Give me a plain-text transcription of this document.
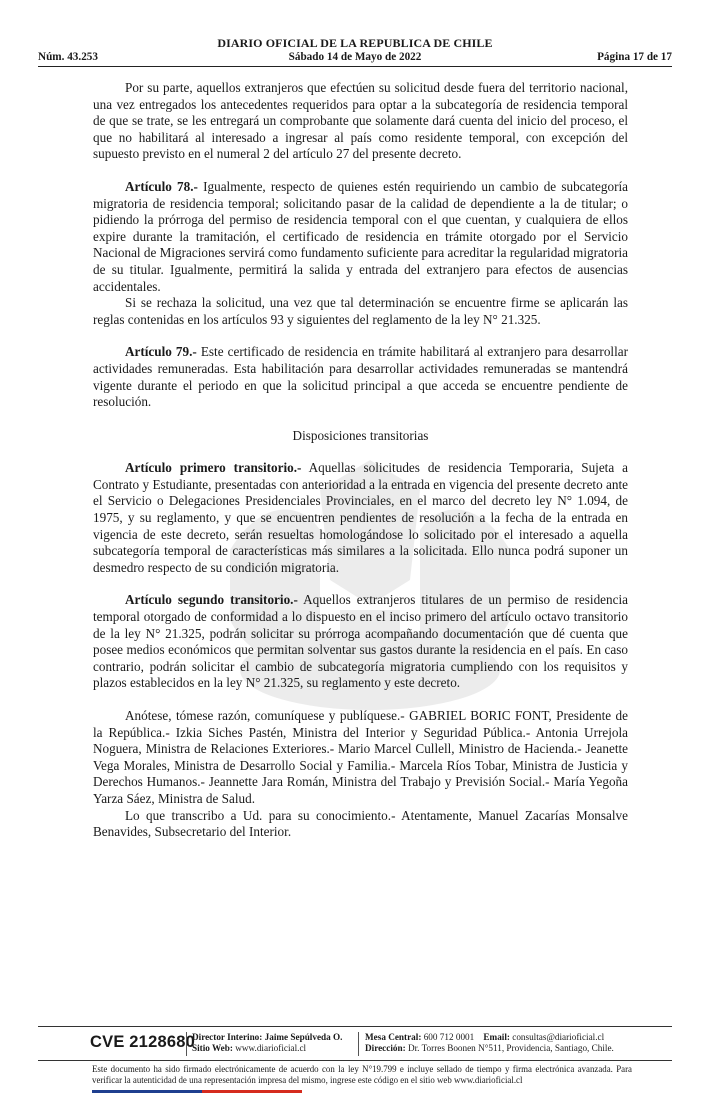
DIARIO OFICIAL DE LA REPUBLICA DE CHILE
Núm. 43.253	Sábado 14 de Mayo de 2022	Página 17 de 17

Por su parte, aquellos extranjeros que efectúen su solicitud desde fuera del territorio nacional, una vez entregados los antecedentes requeridos para optar a la subcategoría de residencia temporal de que se trate, se les entregará un comprobante que solamente dará cuenta del inicio del proceso, el que no habilitará al interesado a ingresar al país como residente temporal, con excepción del supuesto previsto en el numeral 2 del artículo 27 del presente decreto.

Artículo 78.- Igualmente, respecto de quienes estén requiriendo un cambio de subcategoría migratoria de residencia temporal; solicitando pasar de la calidad de dependiente a la de titular; o pidiendo la prórroga del permiso de residencia temporal con el que cuentan, y cualquiera de ellos expire durante la tramitación, el certificado de residencia en trámite otorgado por el Servicio Nacional de Migraciones servirá como fundamento suficiente para acreditar la regularidad migratoria de su titular. Igualmente, permitirá la salida y entrada del extranjero para efectos de ausencias accidentales.

Si se rechaza la solicitud, una vez que tal determinación se encuentre firme se aplicarán las reglas contenidas en los artículos 93 y siguientes del reglamento de la ley N° 21.325.

Artículo 79.- Este certificado de residencia en trámite habilitará al extranjero para desarrollar actividades remuneradas. Esta habilitación para desarrollar actividades remuneradas se mantendrá vigente durante el periodo en que la solicitud principal a que acceda se encuentre pendiente de resolución.

Disposiciones transitorias

Artículo primero transitorio.- Aquellas solicitudes de residencia Temporaria, Sujeta a Contrato y Estudiante, presentadas con anterioridad a la entrada en vigencia del presente decreto ante el Servicio o Delegaciones Presidenciales Provinciales, en el marco del decreto ley N° 1.094, de 1975, y su reglamento, y que se encuentren pendientes de resolución a la fecha de la entrada en vigencia de este decreto, serán resueltas homologándose lo solicitado por el interesado a aquella subcategoría temporal de características más similares a la solicitada. Ello nunca podrá suponer un desmedro respecto de su condición migratoria.

Artículo segundo transitorio.- Aquellos extranjeros titulares de un permiso de residencia temporal otorgado de conformidad a lo dispuesto en el inciso primero del artículo octavo transitorio de la ley N° 21.325, podrán solicitar su prórroga acompañando documentación que dé cuenta que posee medios económicos que permitan solventar sus gastos durante la residencia en el país. En caso contrario, podrán solicitar el cambio de subcategoría migratoria cumpliendo con los requisitos y plazos establecidos en la ley N° 21.325, su reglamento y este decreto.

Anótese, tómese razón, comuníquese y publíquese.- GABRIEL BORIC FONT, Presidente de la República.- Izkia Siches Pastén, Ministra del Interior y Seguridad Pública.- Antonia Urrejola Noguera, Ministra de Relaciones Exteriores.- Mario Marcel Cullell, Ministro de Hacienda.- Jeanette Vega Morales, Ministra de Desarrollo Social y Familia.- Marcela Ríos Tobar, Ministra de Justicia y Derechos Humanos.- Jeannette Jara Román, Ministra del Trabajo y Previsión Social.- María Yegoña Yarza Sáez, Ministra de Salud.

Lo que transcribo a Ud. para su conocimiento.- Atentamente, Manuel Zacarías Monsalve Benavides, Subsecretario del Interior.

CVE 2128680
Director Interino: Jaime Sepúlveda O.
Sitio Web: www.diarioficial.cl
Mesa Central: 600 712 0001 Email: consultas@diarioficial.cl
Dirección: Dr. Torres Boonen N°511, Providencia, Santiago, Chile.
Este documento ha sido firmado electrónicamente de acuerdo con la ley N°19.799 e incluye sellado de tiempo y firma electrónica avanzada. Para verificar la autenticidad de una representación impresa del mismo, ingrese este código en el sitio web www.diarioficial.cl
